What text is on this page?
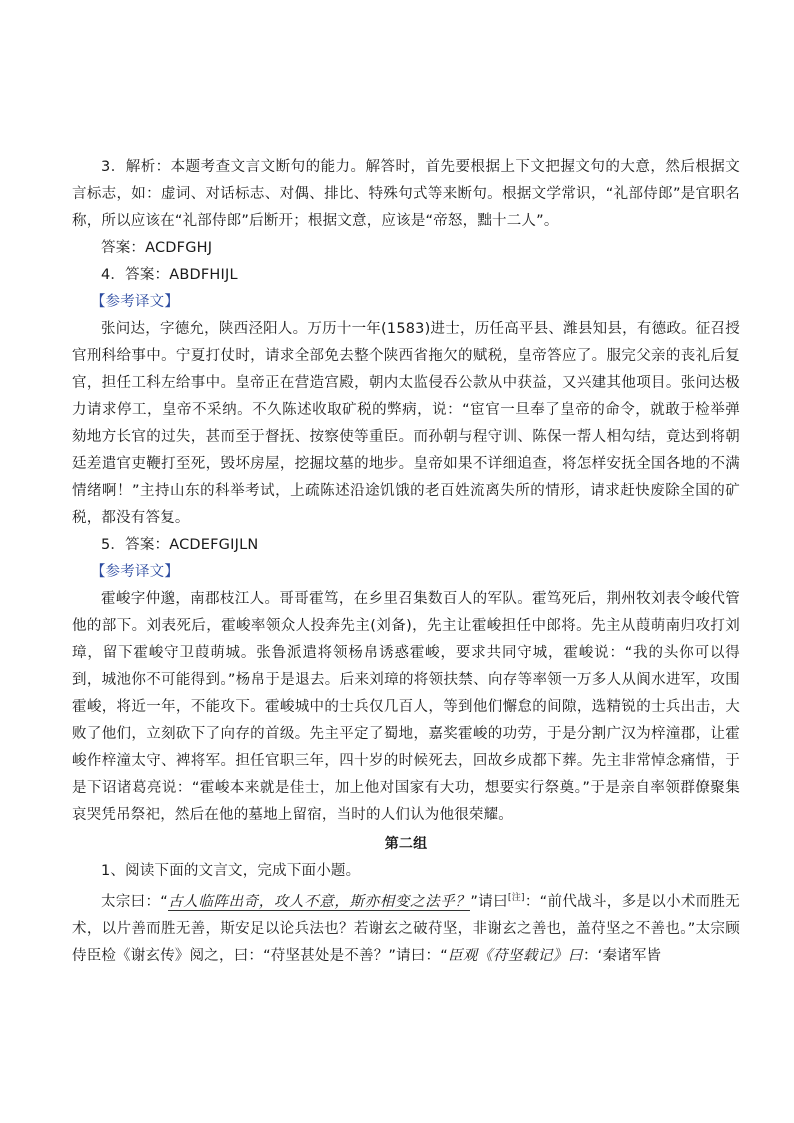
3．解析：本题考查文言文断句的能力。解答时，首先要根据上下文把握文句的大意，然后根据文言标志，如：虚词、对话标志、对偶、排比、特殊句式等来断句。根据文学常识，“礼部侍郎”是官职名称，所以应该在“礼部侍郎”后断开；根据文意，应该是“帝怒，黜十二人”。

答案：ACDFGHJ

4．答案：ABDFHIJL

【参考译文】

张问达，字德允，陕西泾阳人。万历十一年(1583)进士，历任高平县、潍县知县，有德政。征召授官刑科给事中。宁夏打仗时，请求全部免去整个陕西省拖欠的赋税，皇帝答应了。服完父亲的丧礼后复官，担任工科左给事中。皇帝正在营造宫殿，朝内太监侵吞公款从中获益，又兴建其他项目。张问达极力请求停工，皇帝不采纳。不久陈述收取矿税的弊病，说：“宦官一旦奉了皇帝的命令，就敢于检举弹劾地方长官的过失，甚而至于督抚、按察使等重臣。而孙朝与程守训、陈保一帮人相勾结，竟达到将朝廷差遣官吏鞭打至死，毁坏房屋，挖掘坟墓的地步。皇帝如果不详细追查，将怎样安抚全国各地的不满情绪啊！”主持山东的科举考试，上疏陈述沿途饥饿的老百姓流离失所的情形，请求赶快废除全国的矿税，都没有答复。

5．答案：ACDEFGIJLN

【参考译文】

霍峻字仲邈，南郡枝江人。哥哥霍笃，在乡里召集数百人的军队。霍笃死后，荆州牧刘表令峻代管他的部下。刘表死后，霍峻率领众人投奔先主(刘备)，先主让霍峻担任中郎将。先主从葭萌南归攻打刘璋，留下霍峻守卫葭萌城。张鲁派遣将领杨帛诱惑霍峻，要求共同守城，霍峻说：“我的头你可以得到，城池你不可能得到。”杨帛于是退去。后来刘璋的将领扶禁、向存等率领一万多人从阆水进军，攻围霍峻，将近一年，不能攻下。霍峻城中的士兵仅几百人，等到他们懈怠的间隙，选精锐的士兵出击，大败了他们，立刻砍下了向存的首级。先主平定了蜀地，嘉奖霍峻的功劳，于是分割广汉为梓潼郡，让霍峻作梓潼太守、裨将军。担任官职三年，四十岁的时候死去，回故乡成都下葬。先主非常悼念痛惜，于是下诏诸葛亮说：“霍峻本来就是佳士，加上他对国家有大功，想要实行祭奠。”于是亲自率领群僚聚集哀哭凭吊祭祀，然后在他的墓地上留宿，当时的人们认为他很荣耀。

第二组

1、阅读下面的文言文，完成下面小题。

太宗曰：“古人临阵出奇，攻人不意，斯亦相变之法乎？”请曰[注]：“前代战斗，多是以小术而胜无术，以片善而胜无善，斯安足以论兵法也？若谢玄之破苻坚，非谢玄之善也，盖苻坚之不善也。”太宗顾侍臣检《谢玄传》阅之，曰：“苻坚甚处是不善？”请曰：“臣观《苻坚载记》曰：‘秦诸军皆
